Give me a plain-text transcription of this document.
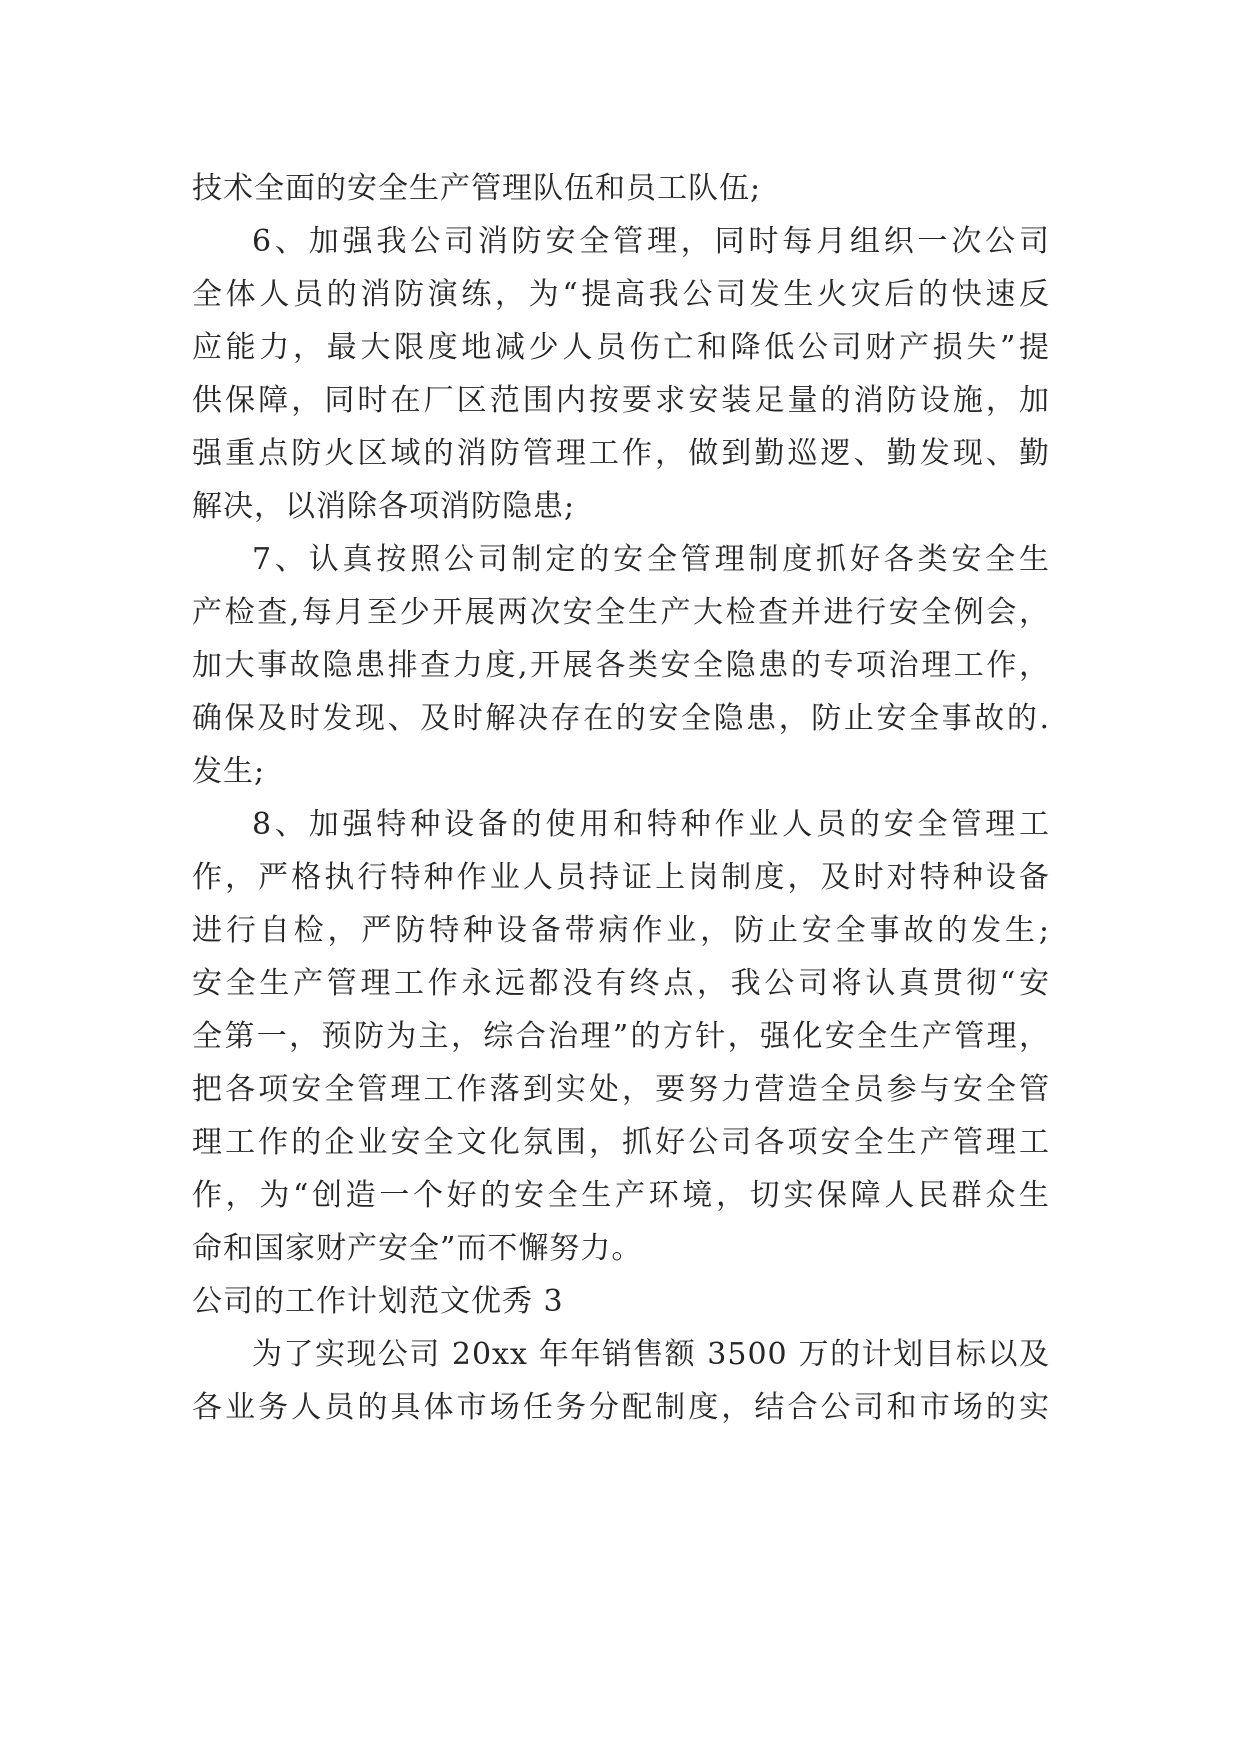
技术全面的安全生产管理队伍和员工队伍;
6、加强我公司消防安全管理，同时每月组织一次公司
全体人员的消防演练，为“提高我公司发生火灾后的快速反
应能力，最大限度地减少人员伤亡和降低公司财产损失”提
供保障，同时在厂区范围内按要求安装足量的消防设施，加
强重点防火区域的消防管理工作，做到勤巡逻、勤发现、勤
解决，以消除各项消防隐患;
7、认真按照公司制定的安全管理制度抓好各类安全生
产检查,每月至少开展两次安全生产大检查并进行安全例会，
加大事故隐患排查力度,开展各类安全隐患的专项治理工作，
确保及时发现、及时解决存在的安全隐患，防止安全事故的.
发生;
8、加强特种设备的使用和特种作业人员的安全管理工
作，严格执行特种作业人员持证上岗制度，及时对特种设备
进行自检，严防特种设备带病作业，防止安全事故的发生;
安全生产管理工作永远都没有终点，我公司将认真贯彻“安
全第一，预防为主，综合治理”的方针，强化安全生产管理，
把各项安全管理工作落到实处，要努力营造全员参与安全管
理工作的企业安全文化氛围，抓好公司各项安全生产管理工
作，为“创造一个好的安全生产环境，切实保障人民群众生
命和国家财产安全”而不懈努力。
公司的工作计划范文优秀 3
为了实现公司 20xx 年年销售额 3500 万的计划目标以及
各业务人员的具体市场任务分配制度，结合公司和市场的实
